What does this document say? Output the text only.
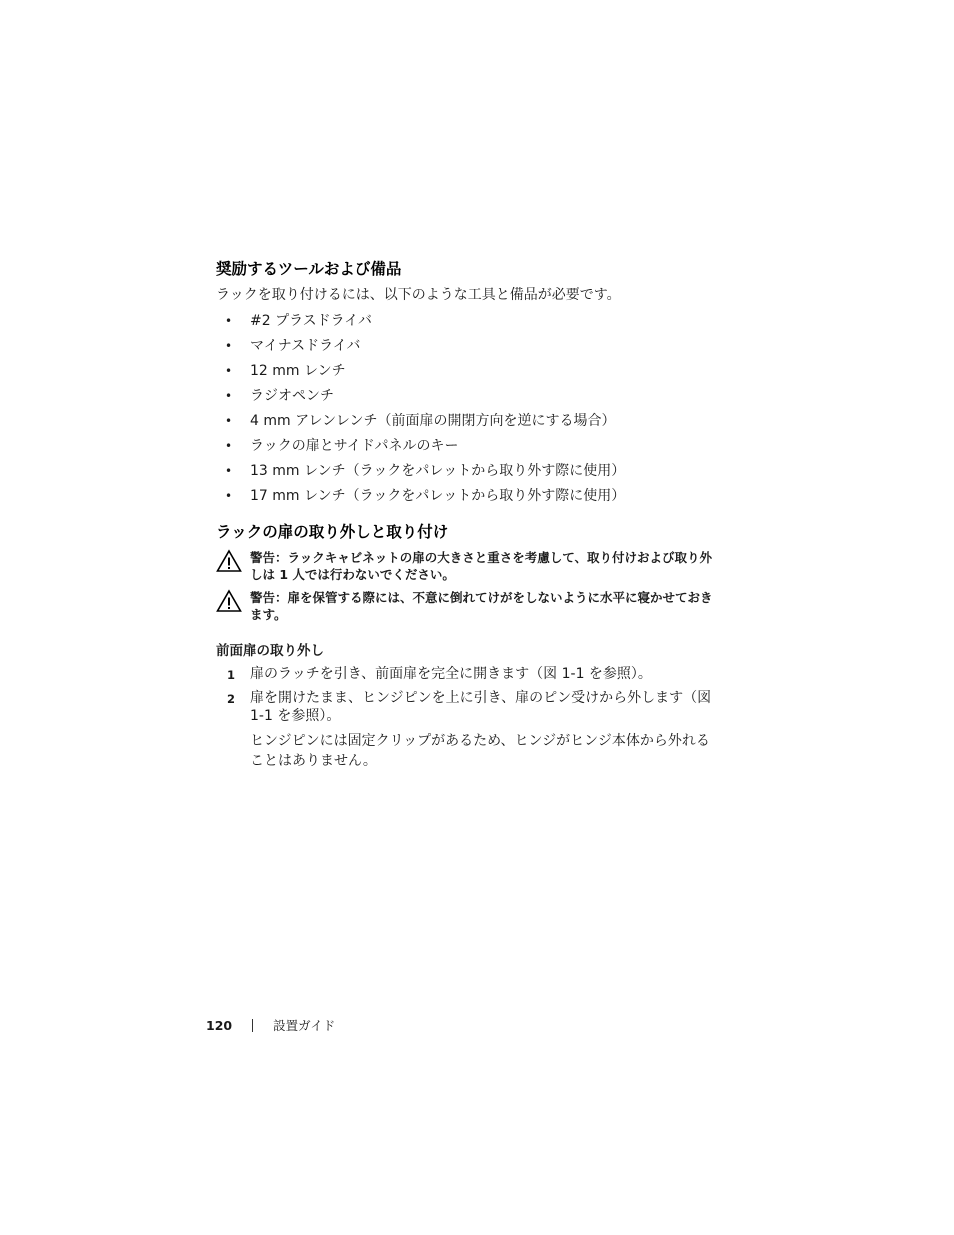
奨励するツールおよび備品

ラックを取り付けるには、以下のような工具と備品が必要です。

• #2 プラスドライバ
• マイナスドライバ
• 12 mm レンチ
• ラジオペンチ
• 4 mm アレンレンチ（前面扉の開閉方向を逆にする場合）
• ラックの扉とサイドパネルのキー
• 13 mm レンチ（ラックをパレットから取り外す際に使用）
• 17 mm レンチ（ラックをパレットから取り外す際に使用）
ラックの扉の取り外しと取り付け
警告：ラックキャビネットの扉の大きさと重さを考慮して、取り付けおよび取り外しは 1 人では行わないでください。
警告：扉を保管する際には、不意に倒れてけがをしないように水平に寝かせておきます。
前面扉の取り外し
1 扉のラッチを引き、前面扉を完全に開きます（図 1-1 を参照）。
2 扉を開けたまま、ヒンジピンを上に引き、扉のピン受けから外します（図 1-1 を参照）。

ヒンジピンには固定クリップがあるため、ヒンジがヒンジ本体から外れることはありません。

120	設置ガイド
